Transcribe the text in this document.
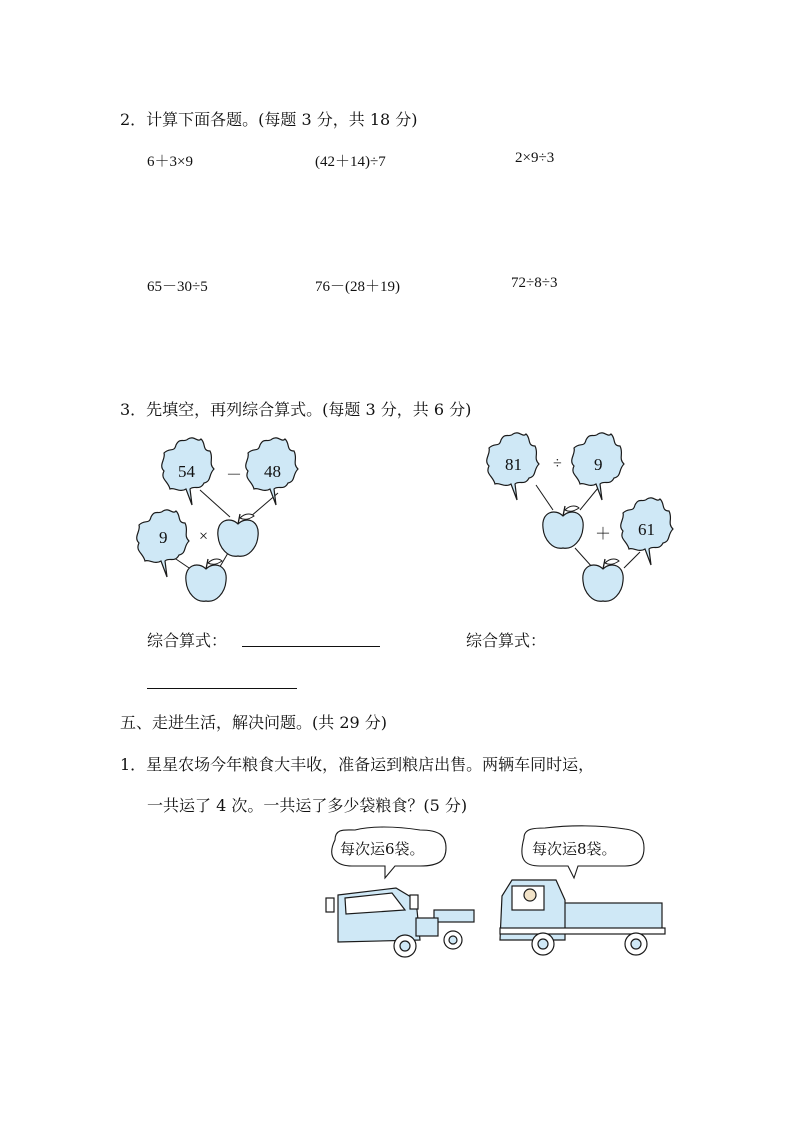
2．计算下面各题。(每题 3 分，共 18 分)
6＋3×9	(42＋14)÷7	2×9÷3
65－30÷5	76－(28＋19)	72÷8÷3
3．先填空，再列综合算式。(每题 3 分，共 6 分)
54 － 48
9 ×
81 ÷ 9
＋ 61
综合算式：	综合算式：
五、走进生活，解决问题。(共 29 分)
1．星星农场今年粮食大丰收，准备运到粮店出售。两辆车同时运，
一共运了 4 次。一共运了多少袋粮食？(5 分)
每次运6袋。	每次运8袋。
